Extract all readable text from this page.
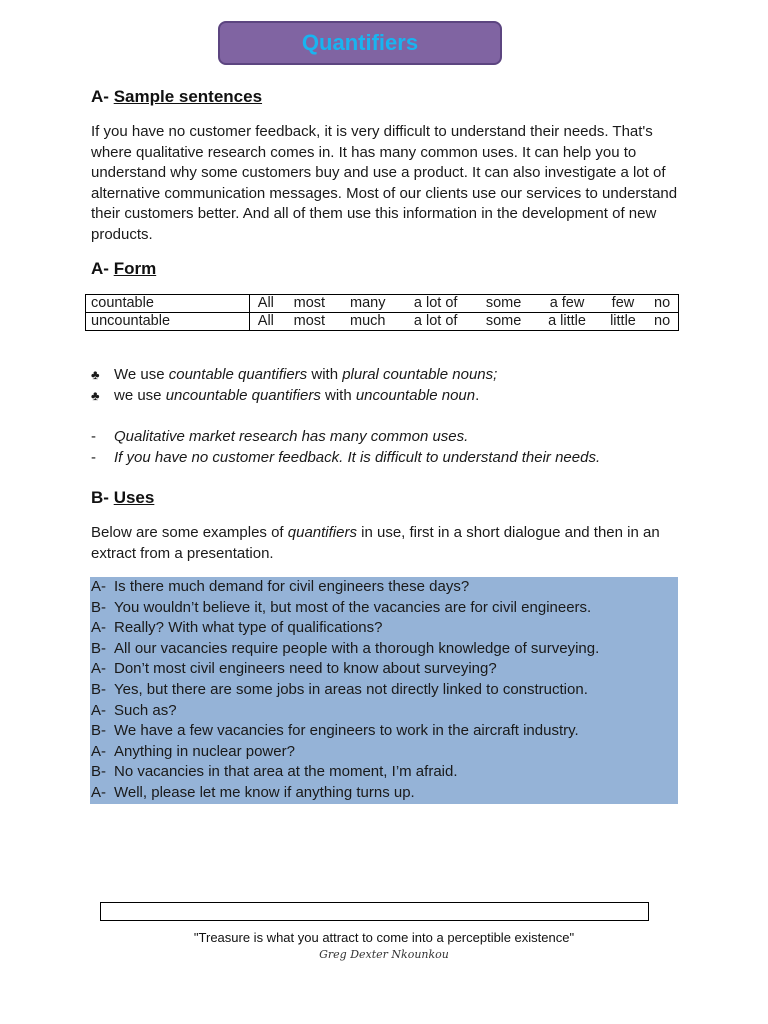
Quantifiers
A- Sample sentences

If you have no customer feedback, it is very difficult to understand their needs. That's where qualitative research comes in. It has many common uses. It can help you to understand why some customers buy and use a product. It can also investigate a lot of alternative communication messages. Most of our clients use our services to understand their customers better. And all of them use this information in the development of new products.

A- Form
countable	All	most	many	a lot of	some	a few	few	no
uncountable	All	most	much	a lot of	some	a little	little	no
♣ We use countable quantifiers with plural countable nouns;
♣ we use uncountable quantifiers with uncountable noun.
-	Qualitative market research has many common uses.
-	If you have no customer feedback. It is difficult to understand their needs.
B- Uses

Below are some examples of quantifiers in use, first in a short dialogue and then in an extract from a presentation.

A- Is there much demand for civil engineers these days?
B- You wouldn’t believe it, but most of the vacancies are for civil engineers.
A- Really? With what type of qualifications?
B- All our vacancies require people with a thorough knowledge of surveying.
A- Don’t most civil engineers need to know about surveying?
B- Yes, but there are some jobs in areas not directly linked to construction.
A- Such as?
B- We have a few vacancies for engineers to work in the aircraft industry.
A- Anything in nuclear power?
B- No vacancies in that area at the moment, I’m afraid.
A- Well, please let me know if anything turns up.
"Treasure is what you attract to come into a perceptible existence"
Greg Dexter Nkounkou
